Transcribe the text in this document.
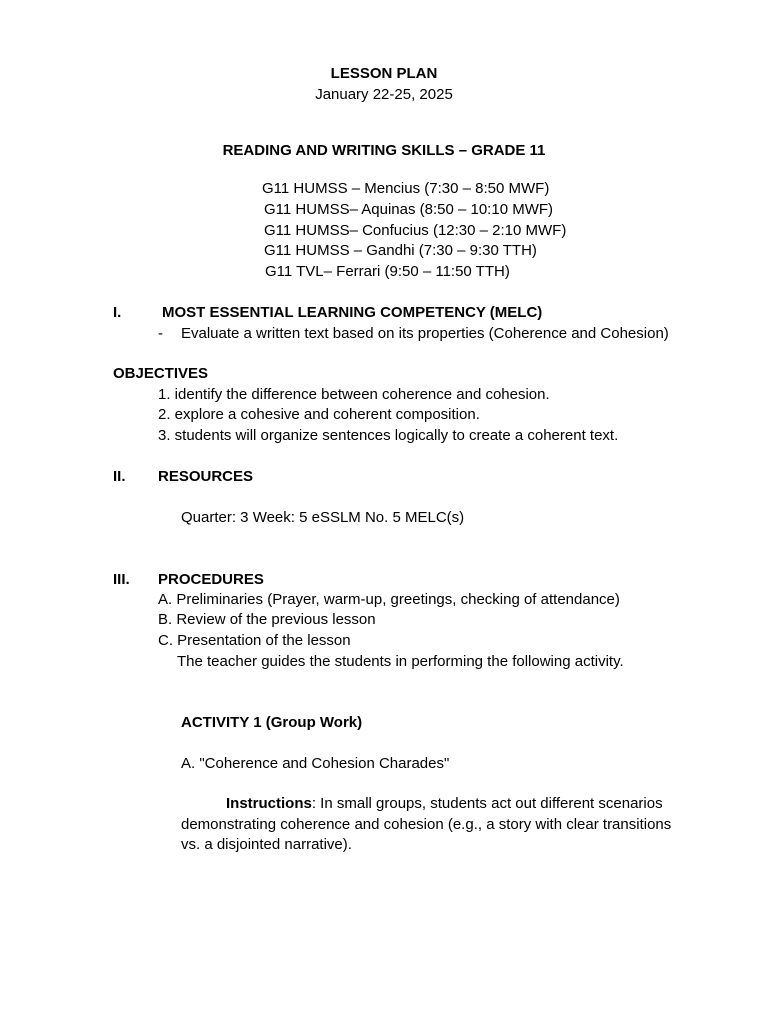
LESSON PLAN
January 22-25, 2025
READING AND WRITING SKILLS – GRADE 11
G11 HUMSS – Mencius (7:30 – 8:50 MWF)
G11 HUMSS– Aquinas (8:50 – 10:10 MWF)
G11 HUMSS– Confucius (12:30 – 2:10 MWF)
G11 HUMSS – Gandhi (7:30 – 9:30 TTH)
G11 TVL– Ferrari (9:50 – 11:50 TTH)
I.	MOST ESSENTIAL LEARNING COMPETENCY (MELC)
- Evaluate a written text based on its properties (Coherence and Cohesion)
OBJECTIVES
1. identify the difference between coherence and cohesion.
2. explore a cohesive and coherent composition.
3. students will organize sentences logically to create a coherent text.
II. RESOURCES
Quarter: 3 Week: 5 eSSLM No. 5 MELC(s)
III. PROCEDURES
A. Preliminaries (Prayer, warm-up, greetings, checking of attendance)
B. Review of the previous lesson
C. Presentation of the lesson
The teacher guides the students in performing the following activity.
ACTIVITY 1 (Group Work)
A. "Coherence and Cohesion Charades"
Instructions: In small groups, students act out different scenarios demonstrating coherence and cohesion (e.g., a story with clear transitions vs. a disjointed narrative).
